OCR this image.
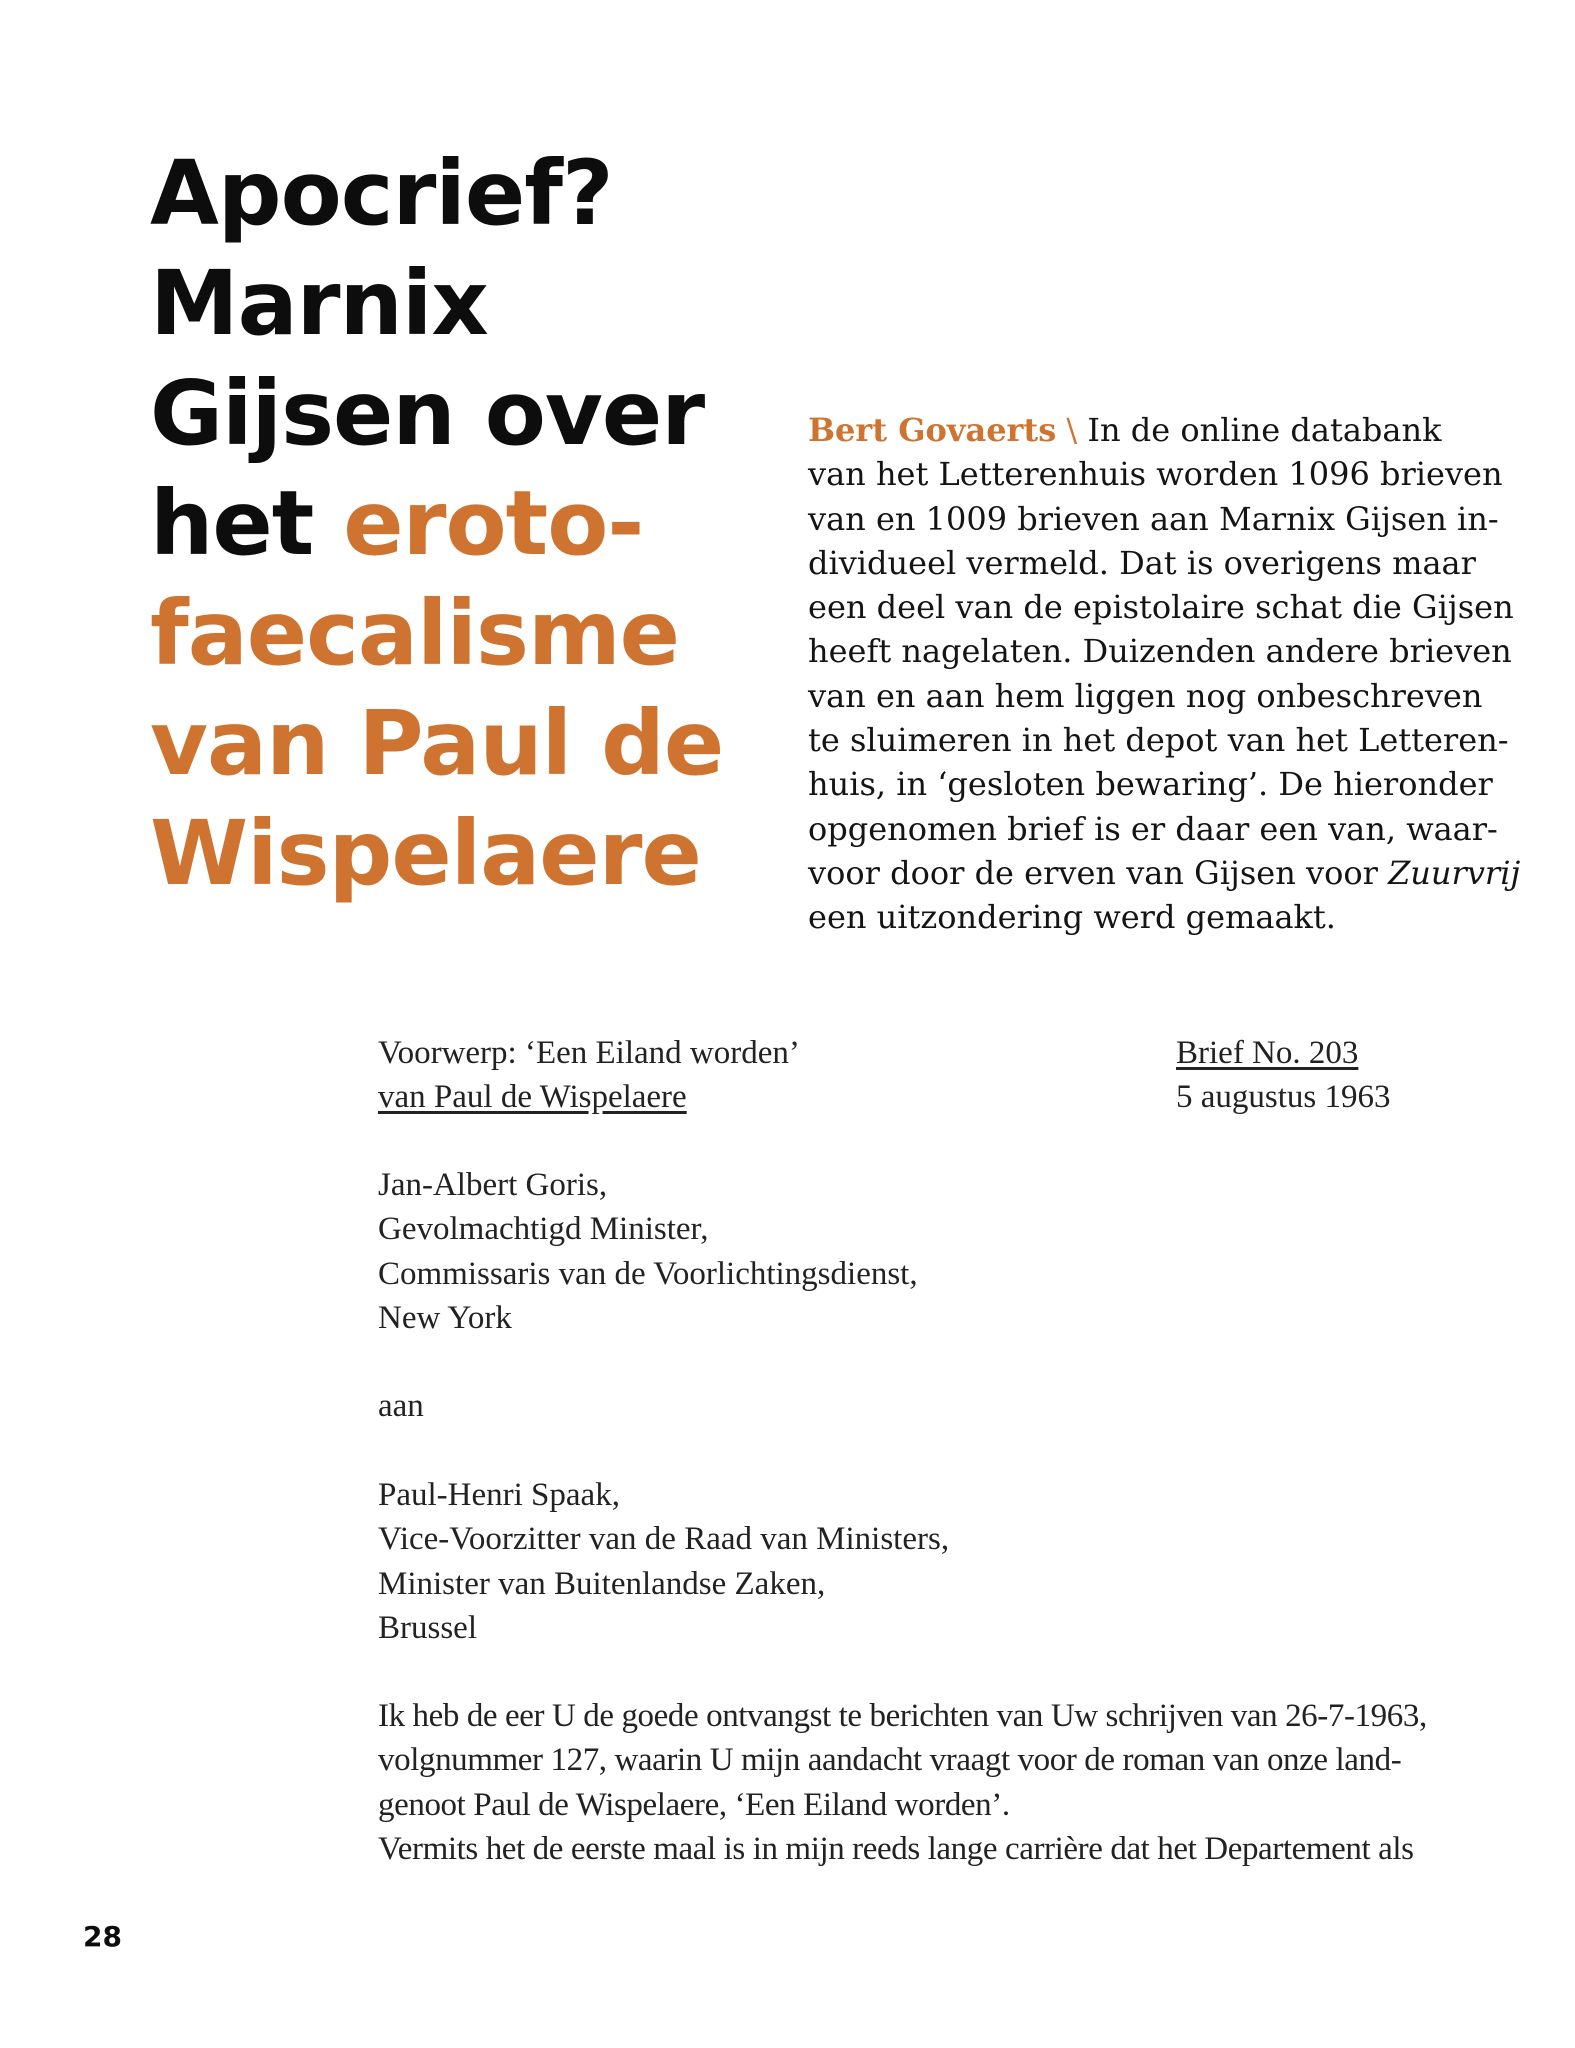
Apocrief?
Marnix
Gijsen over
het eroto-
faecalisme
van Paul de
Wispelaere

Bert Govaerts \ In de online databank
van het Letterenhuis worden 1096 brieven
van en 1009 brieven aan Marnix Gijsen in-
dividueel vermeld. Dat is overigens maar
een deel van de epistolaire schat die Gijsen
heeft nagelaten. Duizenden andere brieven
van en aan hem liggen nog onbeschreven
te sluimeren in het depot van het Letteren-
huis, in ‘gesloten bewaring’. De hieronder
opgenomen brief is er daar een van, waar-
voor door de erven van Gijsen voor Zuurvrij
een uitzondering werd gemaakt.

Voorwerp: ‘Een Eiland worden’
van Paul de Wispelaere

Brief No. 203
5 augustus 1963

Jan-Albert Goris,
Gevolmachtigd Minister,
Commissaris van de Voorlichtingsdienst,
New York

aan

Paul-Henri Spaak,
Vice-Voorzitter van de Raad van Ministers,
Minister van Buitenlandse Zaken,
Brussel

Ik heb de eer U de goede ontvangst te berichten van Uw schrijven van 26-7-1963,
volgnummer 127, waarin U mijn aandacht vraagt voor de roman van onze land-
genoot Paul de Wispelaere, ‘Een Eiland worden’.
Vermits het de eerste maal is in mijn reeds lange carrière dat het Departement als

28
